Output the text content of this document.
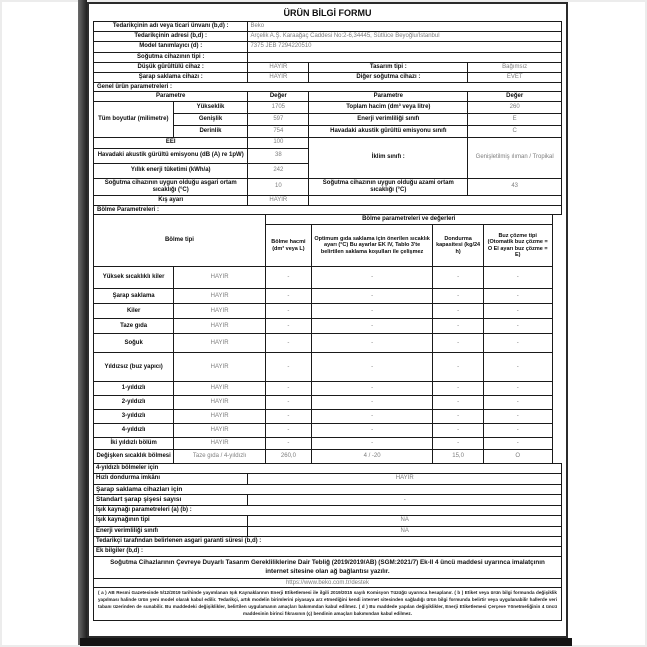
ÜRÜN BİLGİ FORMU
Tedarikçinin adı veya ticari ünvanı (b,d) :	Beko		
Tedarikçinin adresi (b,d) :	Arçelik A.Ş. Karaağaç Caddesi No:2-6,34445, Sütlüce Beyoğlu/İstanbul		
Model tanımlayıcı (d) :	7375 JEB 7294220510		
Soğutma cihazının tipi :			
Düşük gürültülü cihaz :	HAYIR	Tasarım tipi :	Bağımsız
Şarap saklama cihazı :	HAYIR	Diğer soğutma cihazı :	EVET
Genel ürün parametreleri :
Parametre		Değer	Parametre	Değer
Tüm boyutlar (milimetre)	Yükseklik	1705	Toplam hacim (dm³ veya litre)	260
	Genişlik	597	Enerji verimliliği sınıfı	E
	Derinlik	754	Havadaki akustik gürültü emisyonu sınıfı	C
EEI		100	İklim sınıfı :	Genişletilmiş ılıman / Tropikal
Havadaki akustik gürültü emisyonu (dB (A) re 1pW)		38		
Yıllık enerji tüketimi (kWh/a)		242		
Soğutma cihazının uygun olduğu asgari ortam sıcaklığı (°C)		10	Soğutma cihazının uygun olduğu azami ortam sıcaklığı (°C)	43
Kış ayarı		HAYIR		
Bölme Parametreleri :
Bölme tipi		Bölme parametreleri ve değerleri			
		Bölme hacmi (dm³ veya L)	Optimum gıda saklama için önerilen sıcaklık ayarı (°C) Bu ayarlar EK IV, Tablo 3'te belirtilen saklama koşulları ile çelişmez	Dondurma kapasitesi (kg/24 h)	Buz çözme tipi (Otomatik buz çözme = O El ayarı buz çözme = E)
Yüksek sıcaklıklı kiler	HAYIR	-	-	-	-
Şarap saklama	HAYIR	-	-	-	-
Kiler	HAYIR	-	-	-	-
Taze gıda	HAYIR	-	-	-	-
Soğuk	HAYIR	-	-	-	-
Yıldızsız (buz yapıcı)	HAYIR	-	-	-	-
1-yıldızlı	HAYIR	-	-	-	-
2-yıldızlı	HAYIR	-	-	-	-
3-yıldızlı	HAYIR	-	-	-	-
4-yıldızlı	HAYIR	-	-	-	-
İki yıldızlı bölüm	HAYIR	-	-	-	-
Değişken sıcaklık bölmesi	Taze gıda / 4-yıldızlı	260,0	4 / -20	15,0	O
4-yıldızlı bölmeler için	
Hızlı dondurma imkânı	HAYIR
Şarap saklama cihazları için	
Standart şarap şişesi sayısı	-
Işık kaynağı parametreleri (a) (b) :	
Işık kaynağının tipi	NA
Enerji verimliliği sınıfı	NA
Tedarikçi tarafından belirlenen asgari garanti süresi (b,d) :	
Ek bilgiler (b,d) :	
Soğutma Cihazlarının Çevreye Duyarlı Tasarım Gerekliliklerine Dair Tebliğ (2019/2019/AB) (SGM:2021/7) Ek-II 4 üncü maddesi uyarınca imalatçının internet sitesine olan ağ bağlantısı yazılır.
https://www.beko.com.tr/destek
( a ) AB Resmi Gazetesinde 5/12/2019 tarihinde yayımlanan Işık Kaynaklarının Enerji Etiketlemesi ile ilgili 2019/2015 sayılı Komisyon Tüzüğü uyarınca hesaplanır. ( b ) Etiket veya ürün bilgi formunda değişiklik yapılması halinde ürün yeni model olarak kabul edilir. Tedarikçi, artık modelin birimlerini piyasaya arz etmediğini kendi internet sitesinden sağladığı ürün bilgi formunda belirtir veya uygulanabilir hallerde veri tabanı üzerinden de sunabilir. Bu maddedeki değişiklikler, belirtilen uygulamanın amaçları bakımından kabul edilmez. ( d ) Bu maddede yapılan değişiklikler, Enerji Etiketlemesi Çerçeve Yönetmeliğinin 4 üncü maddesinin birinci fıkrasının (ç) bendinin amaçları bakımından kabul edilmez.
